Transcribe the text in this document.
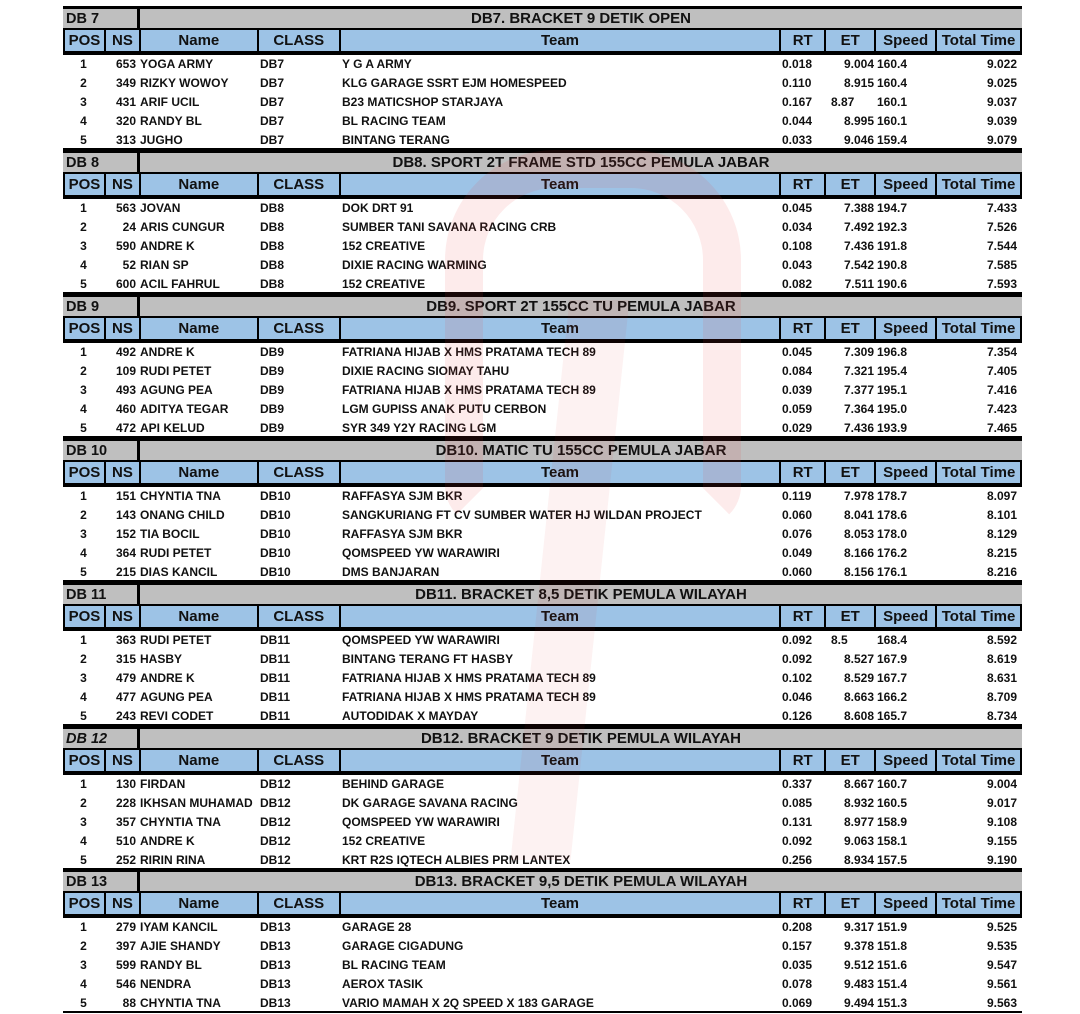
DB 7	DB7. BRACKET 9 DETIK OPEN
POS NS	Name	CLASS	Team	RT	ET	Speed Total Time
1	653 YOGA ARMY	DB7	Y G A ARMY	0.018	9.004 160.4	9.022
2	349 RIZKY WOWOY	DB7	KLG GARAGE SSRT EJM HOMESPEED	0.110	8.915 160.4	9.025
3	431 ARIF UCIL	DB7	B23 MATICSHOP STARJAYA	0.167	8.87	160.1	9.037
4	320 RANDY BL	DB7	BL RACING TEAM	0.044	8.995 160.1	9.039
5	313 JUGHO	DB7	BINTANG TERANG	0.033	9.046 159.4	9.079
DB 8	DB8. SPORT 2T FRAME STD 155CC PEMULA JABAR
POS NS	Name	CLASS	Team	RT	ET	Speed Total Time
1	563 JOVAN	DB8	DOK DRT 91	0.045	7.388 194.7	7.433
2	24 ARIS CUNGUR	DB8	SUMBER TANI SAVANA RACING CRB	0.034	7.492 192.3	7.526
3	590 ANDRE K	DB8	152 CREATIVE	0.108	7.436 191.8	7.544
4	52 RIAN SP	DB8	DIXIE RACING WARMING	0.043	7.542 190.8	7.585
5	600 ACIL FAHRUL	DB8	152 CREATIVE	0.082	7.511 190.6	7.593
DB 9	DB9. SPORT 2T 155CC TU PEMULA JABAR
POS NS	Name	CLASS	Team	RT	ET	Speed Total Time
1	492 ANDRE K	DB9	FATRIANA HIJAB X HMS PRATAMA TECH 89	0.045	7.309 196.8	7.354
2	109 RUDI PETET	DB9	DIXIE RACING SIOMAY TAHU	0.084	7.321 195.4	7.405
3	493 AGUNG PEA	DB9	FATRIANA HIJAB X HMS PRATAMA TECH 89	0.039	7.377 195.1	7.416
4	460 ADITYA TEGAR	DB9	LGM GUPISS ANAK PUTU CERBON	0.059	7.364 195.0	7.423
5	472 API KELUD	DB9	SYR 349 Y2Y RACING LGM	0.029	7.436 193.9	7.465
DB 10	DB10. MATIC TU 155CC PEMULA JABAR
POS NS	Name	CLASS	Team	RT	ET	Speed Total Time
1	151 CHYNTIA TNA	DB10	RAFFASYA SJM BKR	0.119	7.978 178.7	8.097
2	143 ONANG CHILD	DB10	SANGKURIANG FT CV SUMBER WATER HJ WILDAN PROJECT	0.060	8.041 178.6	8.101
3	152 TIA BOCIL	DB10	RAFFASYA SJM BKR	0.076	8.053 178.0	8.129
4	364 RUDI PETET	DB10	QOMSPEED YW WARAWIRI	0.049	8.166 176.2	8.215
5	215 DIAS KANCIL	DB10	DMS BANJARAN	0.060	8.156 176.1	8.216
DB 11	DB11. BRACKET 8,5 DETIK PEMULA WILAYAH
POS NS	Name	CLASS	Team	RT	ET	Speed Total Time
1	363 RUDI PETET	DB11	QOMSPEED YW WARAWIRI	0.092	8.5	168.4	8.592
2	315 HASBY	DB11	BINTANG TERANG FT HASBY	0.092	8.527 167.9	8.619
3	479 ANDRE K	DB11	FATRIANA HIJAB X HMS PRATAMA TECH 89	0.102	8.529 167.7	8.631
4	477 AGUNG PEA	DB11	FATRIANA HIJAB X HMS PRATAMA TECH 89	0.046	8.663 166.2	8.709
5	243 REVI CODET	DB11	AUTODIDAK X MAYDAY	0.126	8.608 165.7	8.734
DB 12	DB12. BRACKET 9 DETIK PEMULA WILAYAH
POS NS	Name	CLASS	Team	RT	ET	Speed Total Time
1	130 FIRDAN	DB12	BEHIND GARAGE	0.337	8.667 160.7	9.004
2	228 IKHSAN MUHAMAD DB12	DK GARAGE SAVANA RACING	0.085	8.932 160.5	9.017
3	357 CHYNTIA TNA	DB12	QOMSPEED YW WARAWIRI	0.131	8.977 158.9	9.108
4	510 ANDRE K	DB12	152 CREATIVE	0.092	9.063 158.1	9.155
5	252 RIRIN RINA	DB12	KRT R2S IQTECH ALBIES PRM LANTEX	0.256	8.934 157.5	9.190
DB 13	DB13. BRACKET 9,5 DETIK PEMULA WILAYAH
POS NS	Name	CLASS	Team	RT	ET	Speed Total Time
1	279 IYAM KANCIL	DB13	GARAGE 28	0.208	9.317 151.9	9.525
2	397 AJIE SHANDY	DB13	GARAGE CIGADUNG	0.157	9.378 151.8	9.535
3	599 RANDY BL	DB13	BL RACING TEAM	0.035	9.512 151.6	9.547
4	546 NENDRA	DB13	AEROX TASIK	0.078	9.483 151.4	9.561
5	88 CHYNTIA TNA	DB13	VARIO MAMAH X 2Q SPEED X 183 GARAGE	0.069	9.494 151.3	9.563
